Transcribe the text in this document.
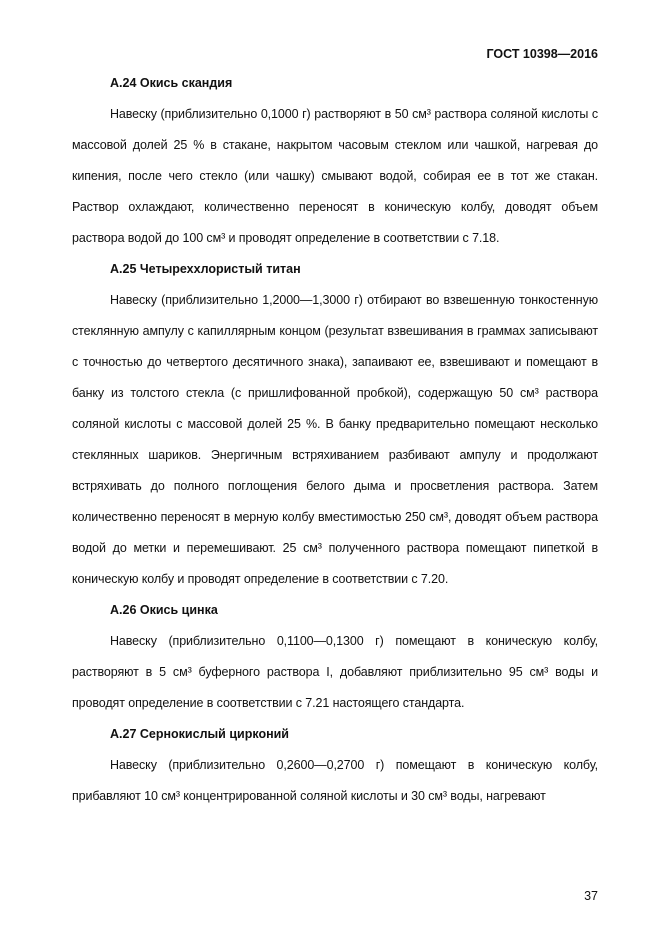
ГОСТ 10398—2016

А.24 Окись скандия

Навеску (приблизительно 0,1000 г) растворяют в 50 см³ раствора соляной кислоты с массовой долей 25 % в стакане, накрытом часовым стеклом или чашкой, нагревая до кипения, после чего стекло (или чашку) смывают водой, собирая ее в тот же стакан. Раствор охлаждают, количественно переносят в коническую колбу, доводят объем раствора водой до 100 см³ и проводят определение в соответствии с 7.18.

А.25 Четыреххлористый титан

Навеску (приблизительно 1,2000—1,3000 г) отбирают во взвешенную тонкостенную стеклянную ампулу с капиллярным концом (результат взвешивания в граммах записывают с точностью до четвертого десятичного знака), запаивают ее, взвешивают и помещают в банку из толстого стекла (с пришлифованной пробкой), содержащую 50 см³ раствора соляной кислоты с массовой долей 25 %. В банку предварительно помещают несколько стеклянных шариков. Энергичным встряхиванием разбивают ампулу и продолжают встряхивать до полного поглощения белого дыма и просветления раствора. Затем количественно переносят в мерную колбу вместимостью 250 см³, доводят объем раствора водой до метки и перемешивают. 25 см³ полученного раствора помещают пипеткой в коническую колбу и проводят определение в соответствии с 7.20.

А.26 Окись цинка

Навеску (приблизительно 0,1100—0,1300 г) помещают в коническую колбу, растворяют в 5 см³ буферного раствора I, добавляют приблизительно 95 см³ воды и проводят определение в соответствии с 7.21 настоящего стандарта.

А.27 Сернокислый цирконий

Навеску (приблизительно 0,2600—0,2700 г) помещают в коническую колбу, прибавляют 10 см³ концентрированной соляной кислоты и 30 см³ воды, нагревают

37
